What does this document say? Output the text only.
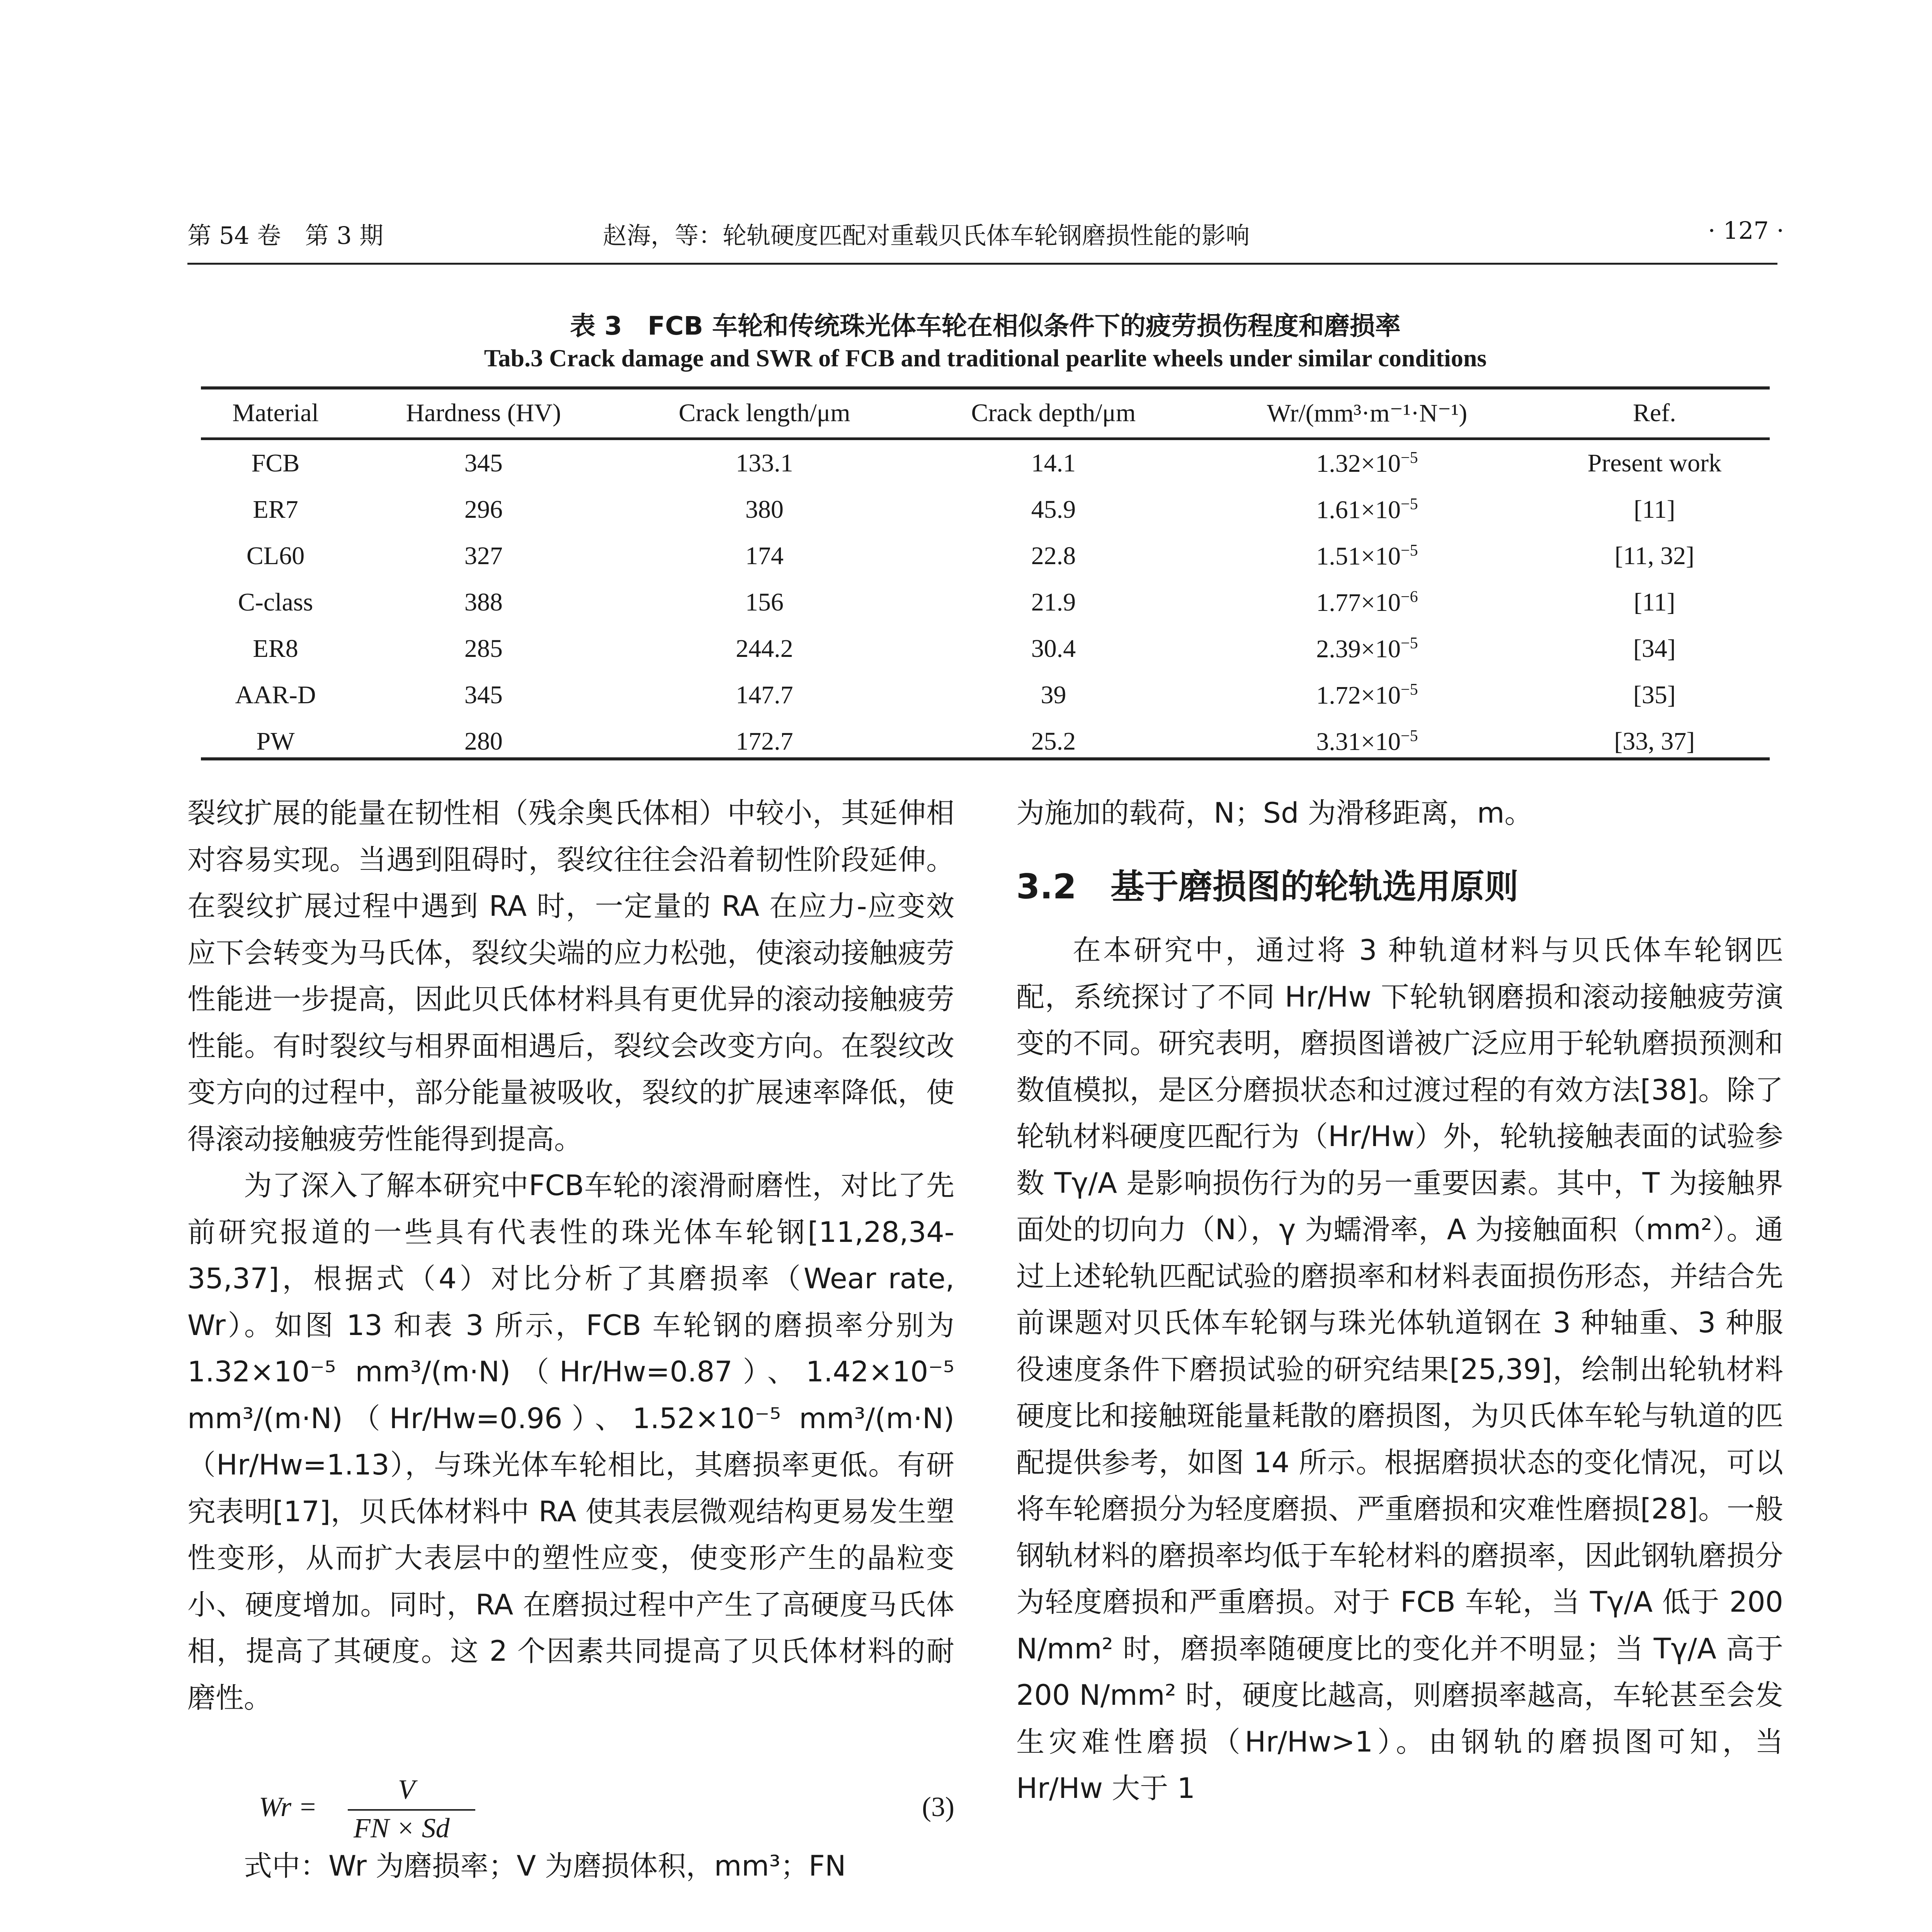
第 54 卷　第 3 期	赵海，等：轮轨硬度匹配对重载贝氏体车轮钢磨损性能的影响	· 127 ·
表 3　FCB 车轮和传统珠光体车轮在相似条件下的疲劳损伤程度和磨损率
Tab.3 Crack damage and SWR of FCB and traditional pearlite wheels under similar conditions
Material	Hardness (HV)	Crack length/μm	Crack depth/μm	Wr/(mm³·m⁻¹·N⁻¹)	Ref.
FCB	345	133.1	14.1	$1.32\times 10^{-5}$	Present work
ER7	296	380	45.9	$1.61\times 10^{-5}$	[11]
CL60	327	174	22.8	$1.51\times 10^{-5}$	[11, 32]
C-class	388	156	21.9	$1.77\times 10^{-6}$	[11]
ER8	285	244.2	30.4	$2.39\times 10^{-5}$	[34]
AAR-D	345	147.7	39	$1.72\times 10^{-5}$	[35]
PW	280	172.7	25.2	$3.31\times 10^{-5}$	[33, 37]

裂纹扩展的能量在韧性相（残余奥氏体相）中较小，其延伸相对容易实现。当遇到阻碍时，裂纹往往会沿着韧性阶段延伸。在裂纹扩展过程中遇到 RA 时，一定量的 RA 在应力-应变效应下会转变为马氏体，裂纹尖端的应力松弛，使滚动接触疲劳性能进一步提高，因此贝氏体材料具有更优异的滚动接触疲劳性能。有时裂纹与相界面相遇后，裂纹会改变方向。在裂纹改变方向的过程中，部分能量被吸收，裂纹的扩展速率降低，使得滚动接触疲劳性能得到提高。

为了深入了解本研究中FCB车轮的滚滑耐磨性，对比了先前研究报道的一些具有代表性的珠光体车轮钢[11,28,34-35,37]，根据式（4）对比分析了其磨损率（Wear rate, Wr）。如图 13 和表 3 所示，FCB 车轮钢的磨损率分别为 1.32×10⁻⁵ mm³/(m·N)（Hr/Hw=0.87）、1.42×10⁻⁵ mm³/(m·N)（Hr/Hw=0.96）、1.52×10⁻⁵ mm³/(m·N)（Hr/Hw=1.13），与珠光体车轮相比，其磨损率更低。有研究表明[17]，贝氏体材料中 RA 使其表层微观结构更易发生塑性变形，从而扩大表层中的塑性应变，使变形产生的晶粒变小、硬度增加。同时，RA 在磨损过程中产生了高硬度马氏体相，提高了其硬度。这 2 个因素共同提高了贝氏体材料的耐磨性。

Wr =
V
FN × Sd
(3)

式中：Wr 为磨损率；V 为磨损体积，mm³；FN

为施加的载荷，N；Sd 为滑移距离，m。

3.2　基于磨损图的轮轨选用原则

在本研究中，通过将 3 种轨道材料与贝氏体车轮钢匹配，系统探讨了不同 Hr/Hw 下轮轨钢磨损和滚动接触疲劳演变的不同。研究表明，磨损图谱被广泛应用于轮轨磨损预测和数值模拟，是区分磨损状态和过渡过程的有效方法[38]。除了轮轨材料硬度匹配行为（Hr/Hw）外，轮轨接触表面的试验参数 Tγ/A 是影响损伤行为的另一重要因素。其中，T 为接触界面处的切向力（N），γ 为蠕滑率，A 为接触面积（mm²）。通过上述轮轨匹配试验的磨损率和材料表面损伤形态，并结合先前课题对贝氏体车轮钢与珠光体轨道钢在 3 种轴重、3 种服役速度条件下磨损试验的研究结果[25,39]，绘制出轮轨材料硬度比和接触斑能量耗散的磨损图，为贝氏体车轮与轨道的匹配提供参考，如图 14 所示。根据磨损状态的变化情况，可以将车轮磨损分为轻度磨损、严重磨损和灾难性磨损[28]。一般钢轨材料的磨损率均低于车轮材料的磨损率，因此钢轨磨损分为轻度磨损和严重磨损。对于 FCB 车轮，当 Tγ/A 低于 200 N/mm² 时，磨损率随硬度比的变化并不明显；当 Tγ/A 高于 200 N/mm² 时，硬度比越高，则磨损率越高，车轮甚至会发生灾难性磨损（Hr/Hw>1）。由钢轨的磨损图可知，当 Hr/Hw 大于 1
